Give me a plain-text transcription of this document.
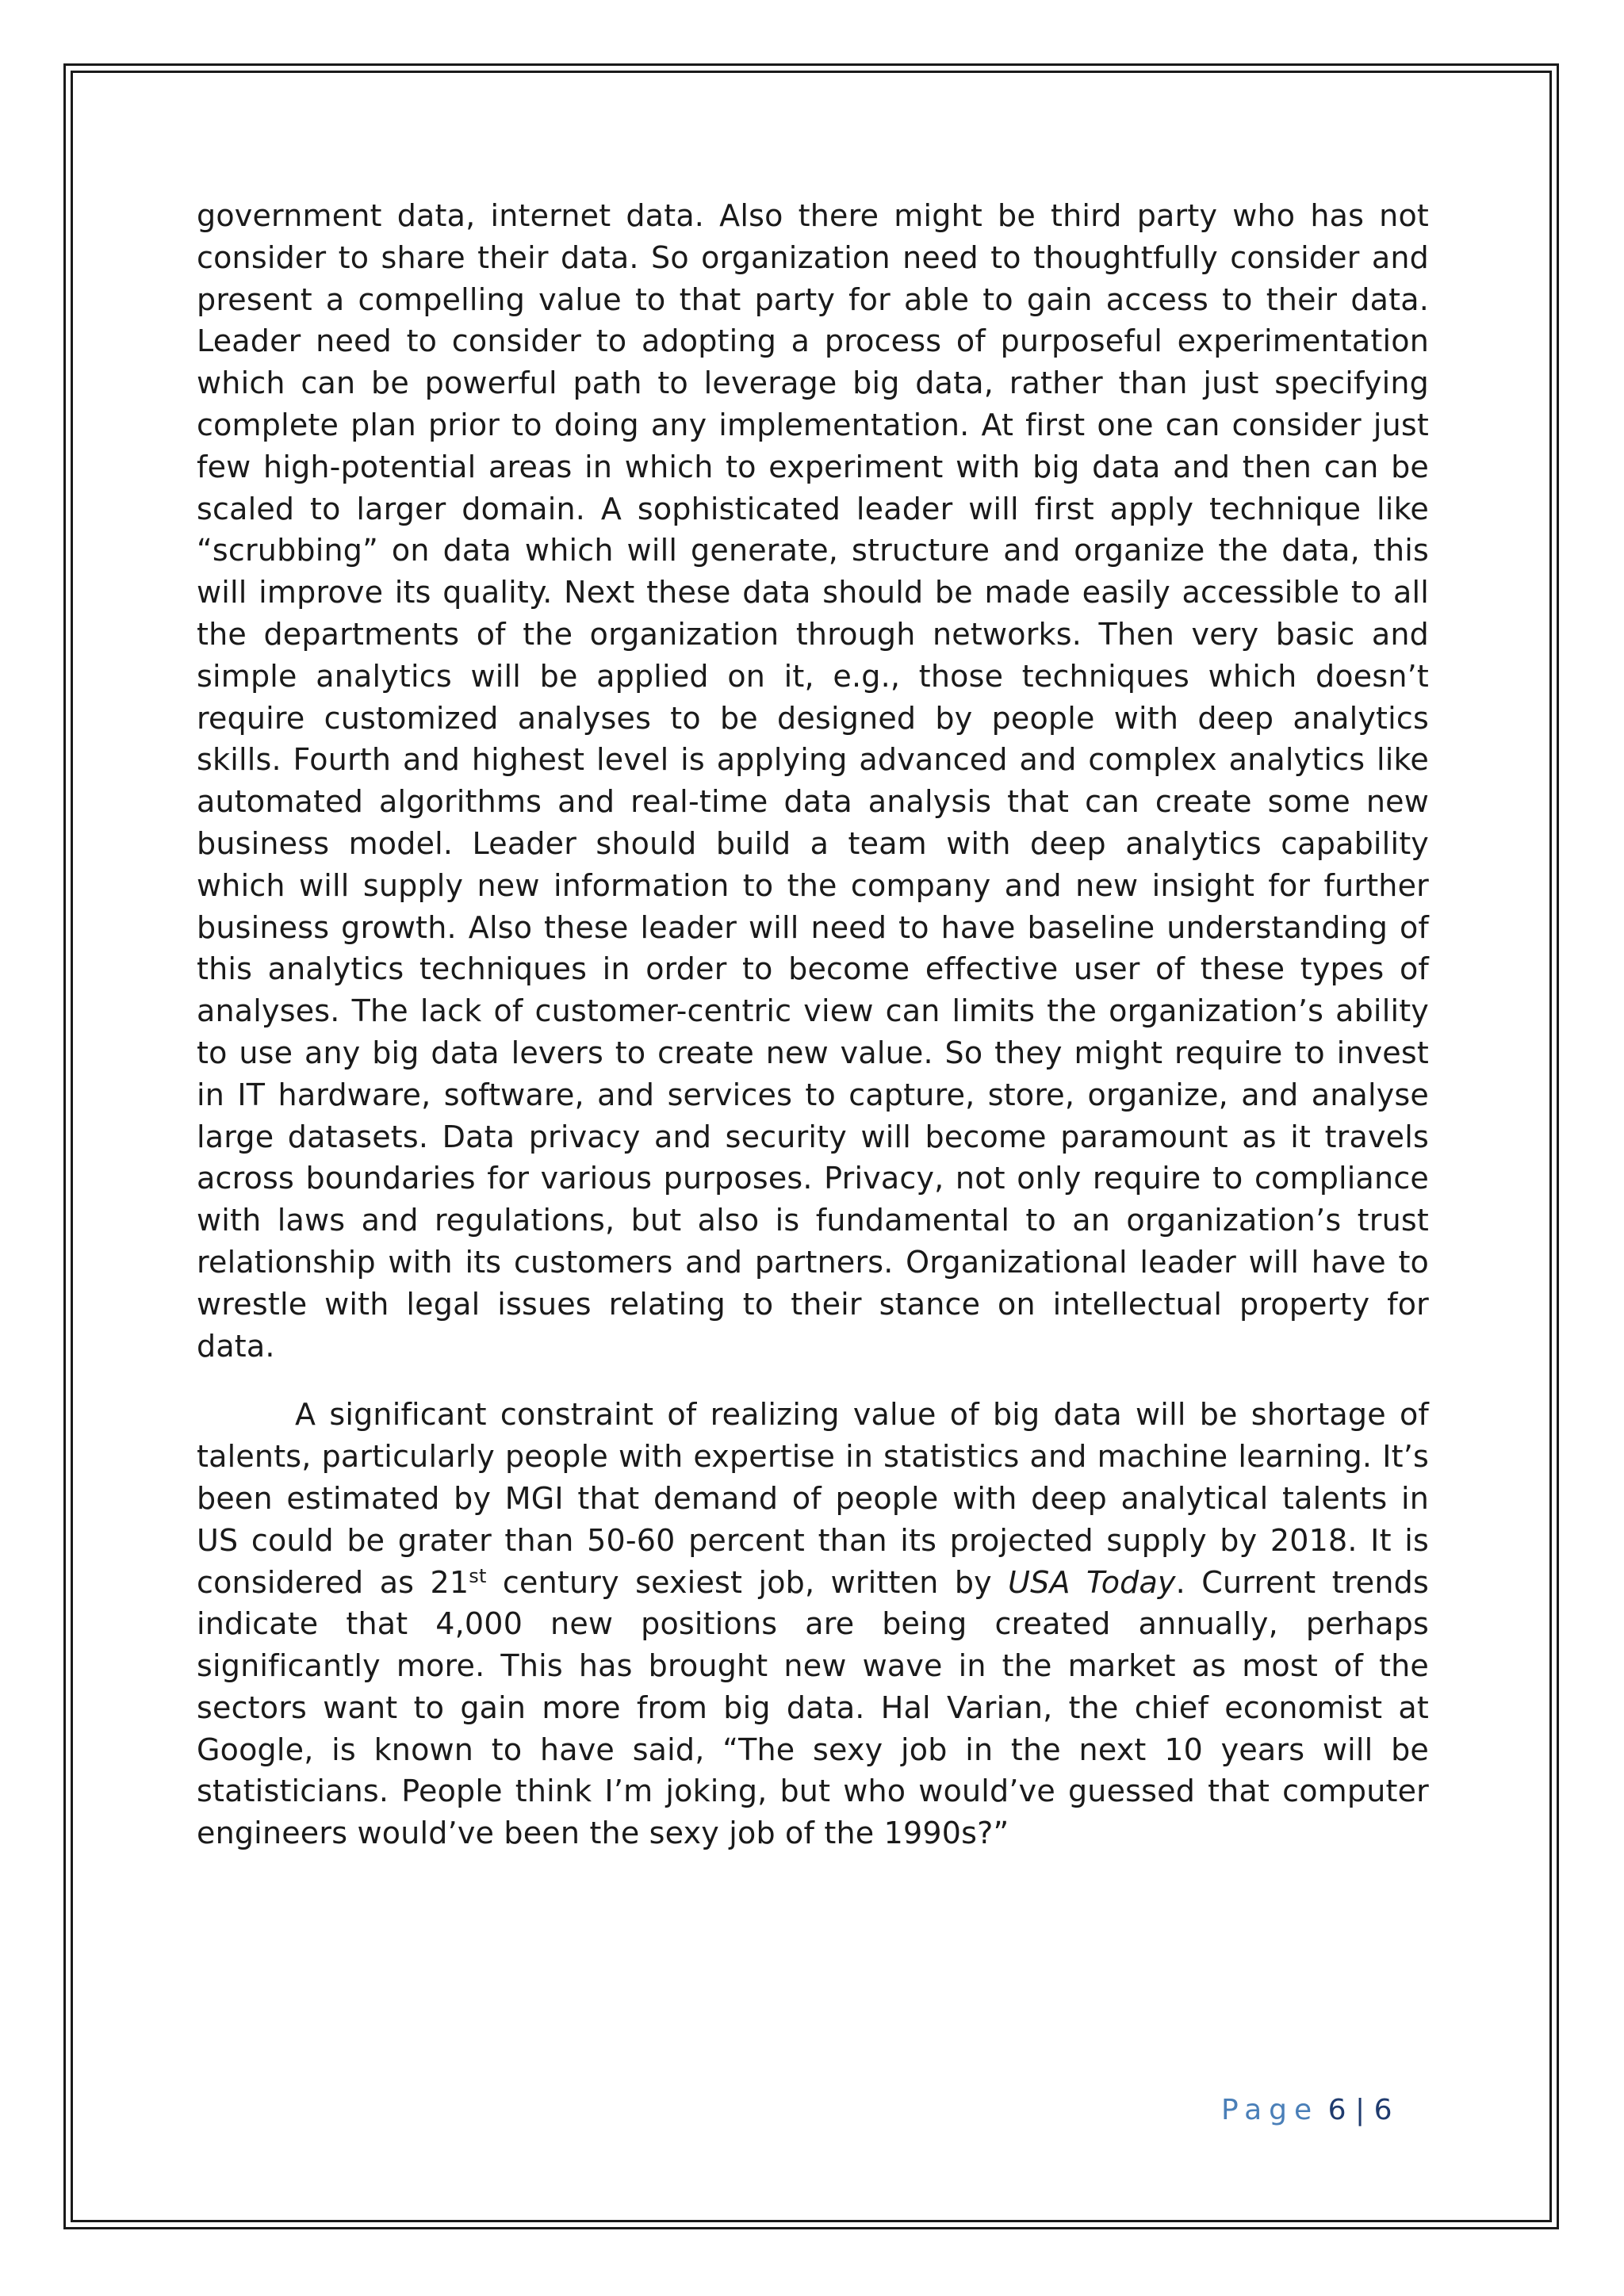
government data, internet data. Also there might be third party who has not consider to share their data. So organization need to thoughtfully consider and present a compelling value to that party for able to gain access to their data. Leader need to consider to adopting a process of purposeful experimentation which can be powerful path to leverage big data, rather than just specifying complete plan prior to doing any implementation. At first one can consider just few high-potential areas in which to experiment with big data and then can be scaled to larger domain. A sophisticated leader will first apply technique like “scrubbing” on data which will generate, structure and organize the data, this will improve its quality. Next these data should be made easily accessible to all the departments of the organization through networks. Then very basic and simple analytics will be applied on it, e.g., those techniques which doesn’t require customized analyses to be designed by people with deep analytics skills. Fourth and highest level is applying advanced and complex analytics like automated algorithms and real-time data analysis that can create some new business model. Leader should build a team with deep analytics capability which will supply new information to the company and new insight for further business growth. Also these leader will need to have baseline understanding of this analytics techniques in order to become effective user of these types of analyses. The lack of customer-centric view can limits the organization’s ability to use any big data levers to create new value. So they might require to invest in IT hardware, software, and services to capture, store, organize, and analyse large datasets. Data privacy and security will become paramount as it travels across boundaries for various purposes. Privacy, not only require to compliance with laws and regulations, but also is fundamental to an organization’s trust relationship with its customers and partners. Organizational leader will have to wrestle with legal issues relating to their stance on intellectual property for data.

A significant constraint of realizing value of big data will be shortage of talents, particularly people with expertise in statistics and machine learning. It’s been estimated by MGI that demand of people with deep analytical talents in US could be grater than 50-60 percent than its projected supply by 2018. It is considered as 21st century sexiest job, written by USA Today. Current trends indicate that 4,000 new positions are being created annually, perhaps significantly more. This has brought new wave in the market as most of the sectors want to gain more from big data. Hal Varian, the chief economist at Google, is known to have said, “The sexy job in the next 10 years will be statisticians. People think I’m joking, but who would’ve guessed that computer engineers would’ve been the sexy job of the 1990s?”

Page 6 | 6
